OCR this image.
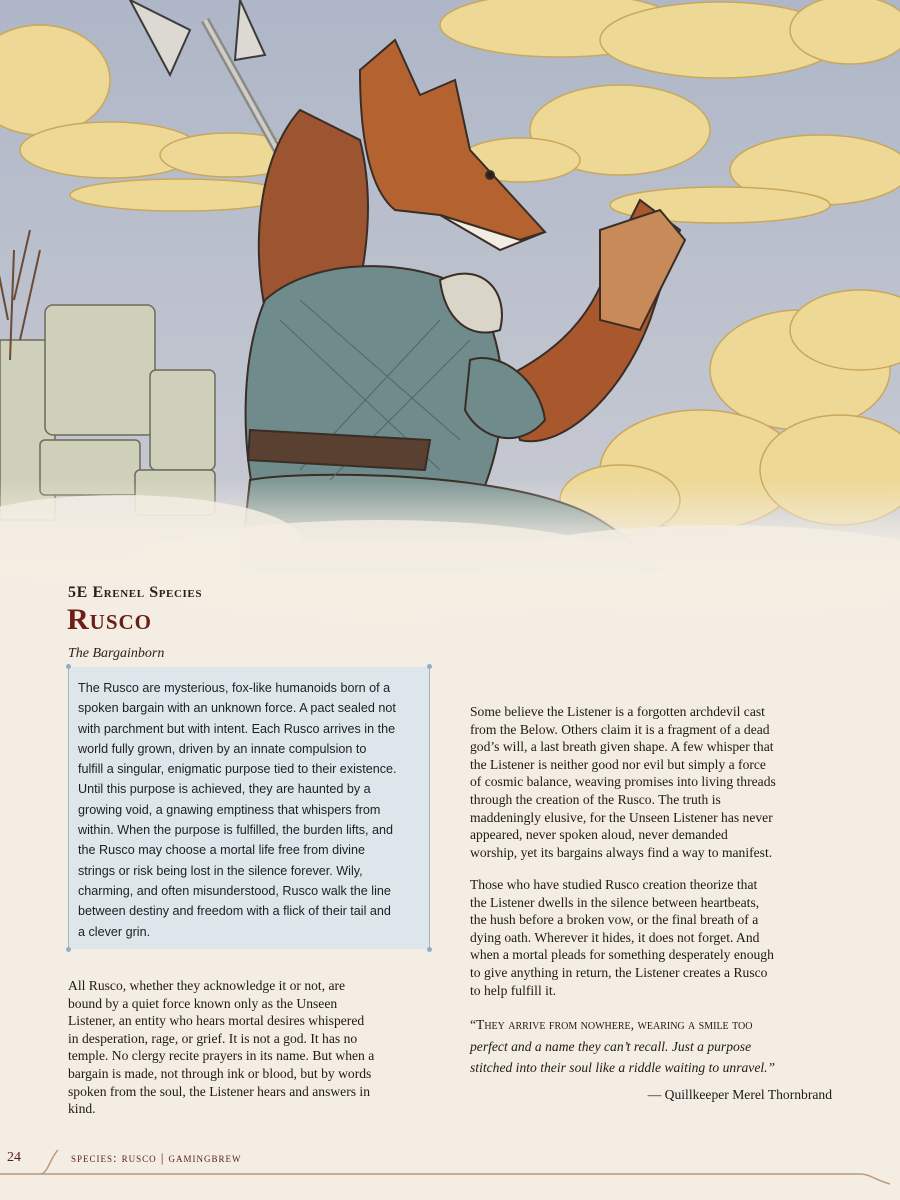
5E Erenel Species
Rusco
The Bargainborn
The Rusco are mysterious, fox-like humanoids born of a
spoken bargain with an unknown force. A pact sealed not
with parchment but with intent. Each Rusco arrives in the
world fully grown, driven by an innate compulsion to
fulfill a singular, enigmatic purpose tied to their existence.
Until this purpose is achieved, they are haunted by a
growing void, a gnawing emptiness that whispers from
within. When the purpose is fulfilled, the burden lifts, and
the Rusco may choose a mortal life free from divine
strings or risk being lost in the silence forever. Wily,
charming, and often misunderstood, Rusco walk the line
between destiny and freedom with a flick of their tail and
a clever grin.
All Rusco, whether they acknowledge it or not, are
bound by a quiet force known only as the Unseen
Listener, an entity who hears mortal desires whispered
in desperation, rage, or grief. It is not a god. It has no
temple. No clergy recite prayers in its name. But when a
bargain is made, not through ink or blood, but by words
spoken from the soul, the Listener hears and answers in
kind.
Some believe the Listener is a forgotten archdevil cast
from the Below. Others claim it is a fragment of a dead
god’s will, a last breath given shape. A few whisper that
the Listener is neither good nor evil but simply a force
of cosmic balance, weaving promises into living threads
through the creation of the Rusco. The truth is
maddeningly elusive, for the Unseen Listener has never
appeared, never spoken aloud, never demanded
worship, yet its bargains always find a way to manifest.
Those who have studied Rusco creation theorize that
the Listener dwells in the silence between heartbeats,
the hush before a broken vow, or the final breath of a
dying oath. Wherever it hides, it does not forget. And
when a mortal pleads for something desperately enough
to give anything in return, the Listener creates a Rusco
to help fulfill it.
“They arrive from nowhere, wearing a smile too
perfect and a name they can’t recall. Just a purpose
stitched into their soul like a riddle waiting to unravel.”
— Quillkeeper Merel Thornbrand
24	species: rusco | gamingbrew
